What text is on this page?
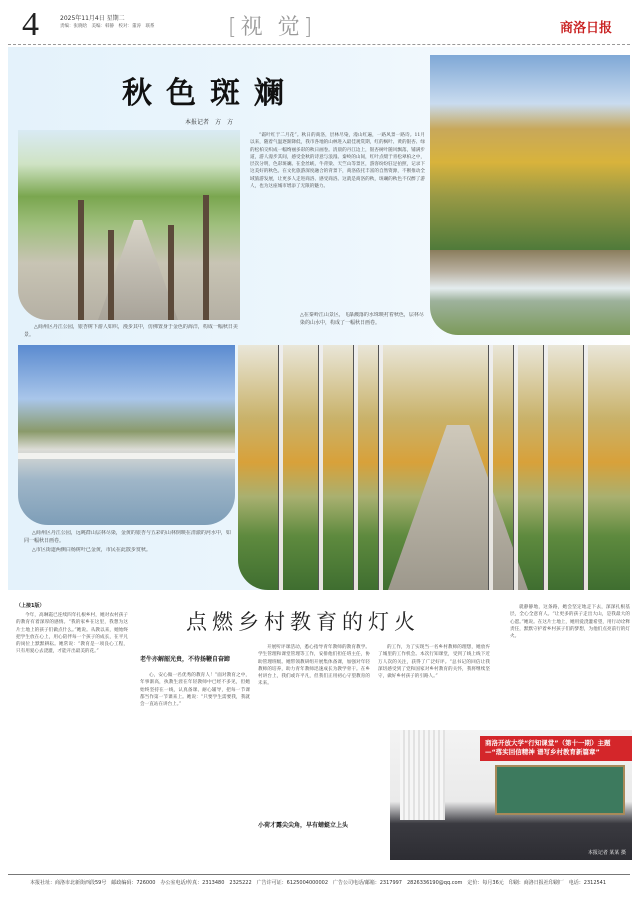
4	2025年11月4日 星期二
责编：张晓晗　美编：韩静　校对：董涛　联系	[视 觉]	商洛日报
秋色斑斓
本报记者　方　方
“霜叶红于二月花”。秋日的商洛，层林尽染，漫山红遍，一路风景一路诗。11月以来，随着气温逐渐降低，我市各地的山林进入最佳观赏期，红的枫叶、黄的银杏、绿的松柏交织成一幅绚丽多彩的秋日画卷。清晨的丹江边上，银杏树叶随风飘落，铺满步道，游人漫步其间，感受金秋的诗意与浪漫。秦岭的山间，红叶点缀于青松翠柏之中，层次分明，色彩斑斓。在金丝峡、牛背梁、天竺山等景区，游客纷纷驻足拍照，记录下这美好的秋色。在文化旅游深度融合的背景下，商洛依托丰富的自然资源，不断推动全域旅游发展，让更多人走进商洛、感受商洛。这就是商洛的秋，斑斓的秋色不仅醉了游人，也为这座城市增添了无限的魅力。
△在秦岭江山景区，飞瀑溅落的水珠映衬着秋色，层林尽染的山水中，构成了一幅秋日画卷。
△商州区丹江公园，银杏树下游人如织，漫步其中，仿佛置身于金色的海洋，构成一幅秋日美景。
△商州区丹江公园，远眺群山层林尽染，金黄的银杏与五彩的山林倒映在清澈的河水中，如同一幅秋日画卷。
△市区街道两侧白杨树叶已金黄，市民在此散步赏秋。
点燃乡村教育的灯火
（上接1版）
今年，高琳霞已连续四年扎根乡村，她对农村孩子的教育有着深厚的感情。“我的家乡在这里，我想为这片土地上的孩子们做点什么。”她说。从教以来，她始终把学生放在心上，用心陪伴每一个孩子的成长，在平凡的岗位上默默耕耘。她常说：“教育是一项良心工程，只有用爱心去浇灌，才能开出最美的花。”
老牛亦解韶光贵，不待扬鞭自奋蹄
心，安心做一名优秀的教育人！”面对教育之中，年事渐高，执教生涯在年轻教师中已经不多见，但她始终坚持在一线，认真备课、耐心辅导，把每一节课都当作第一节课来上。她说：“只要学生需要我，我就会一直站在讲台上。”
开展听评课活动，悉心指导青年教师的教育教学。学生管理和课堂管理等工作，安排他们担任班主任，协助管理班级。她带领教研组开展集体备课，加强对年轻教师的培养，助力青年教师迅速成长为教学骨干。在乡村讲台上，我们或许平凡，但我们正用初心守望教育的未来。
的工作，为了实现当一名乡村教师的理想，她放弃了城里的工作机会。本次行知课堂，受到了线上线下近万人次的关注，获得了广泛好评。“总书记的回信让我深切感受到了党和国家对乡村教育的关怀，我将继续坚守，做好乡村孩子的引路人。”
就静静地，这条路，她会坚定地走下去，深深扎根基层，全心全意育人。“让更多的孩子走出大山，是我最大的心愿。”她说。在这片土地上，她用爱浇灌希望，用行动诠释责任，默默守护着乡村孩子们的梦想，为他们点亮前行的灯火。
小荷才露尖尖角，早有蜻蜓立上头
商洛开放大学“行知课堂”（第十一期）主题 —“落实回信精神 谱写乡村教育新篇章”
本报记者 某某 摄
本报社址：商洛市北新街西段59号　邮政编码：726000　办公室电话/传真：2313480　2325222　广告许可证：6125004000002　广告公司电话/邮箱：2317997　2826336190@qq.com　定价：每月36元　印刷：商洛日报社印刷厂　电话：2312541
